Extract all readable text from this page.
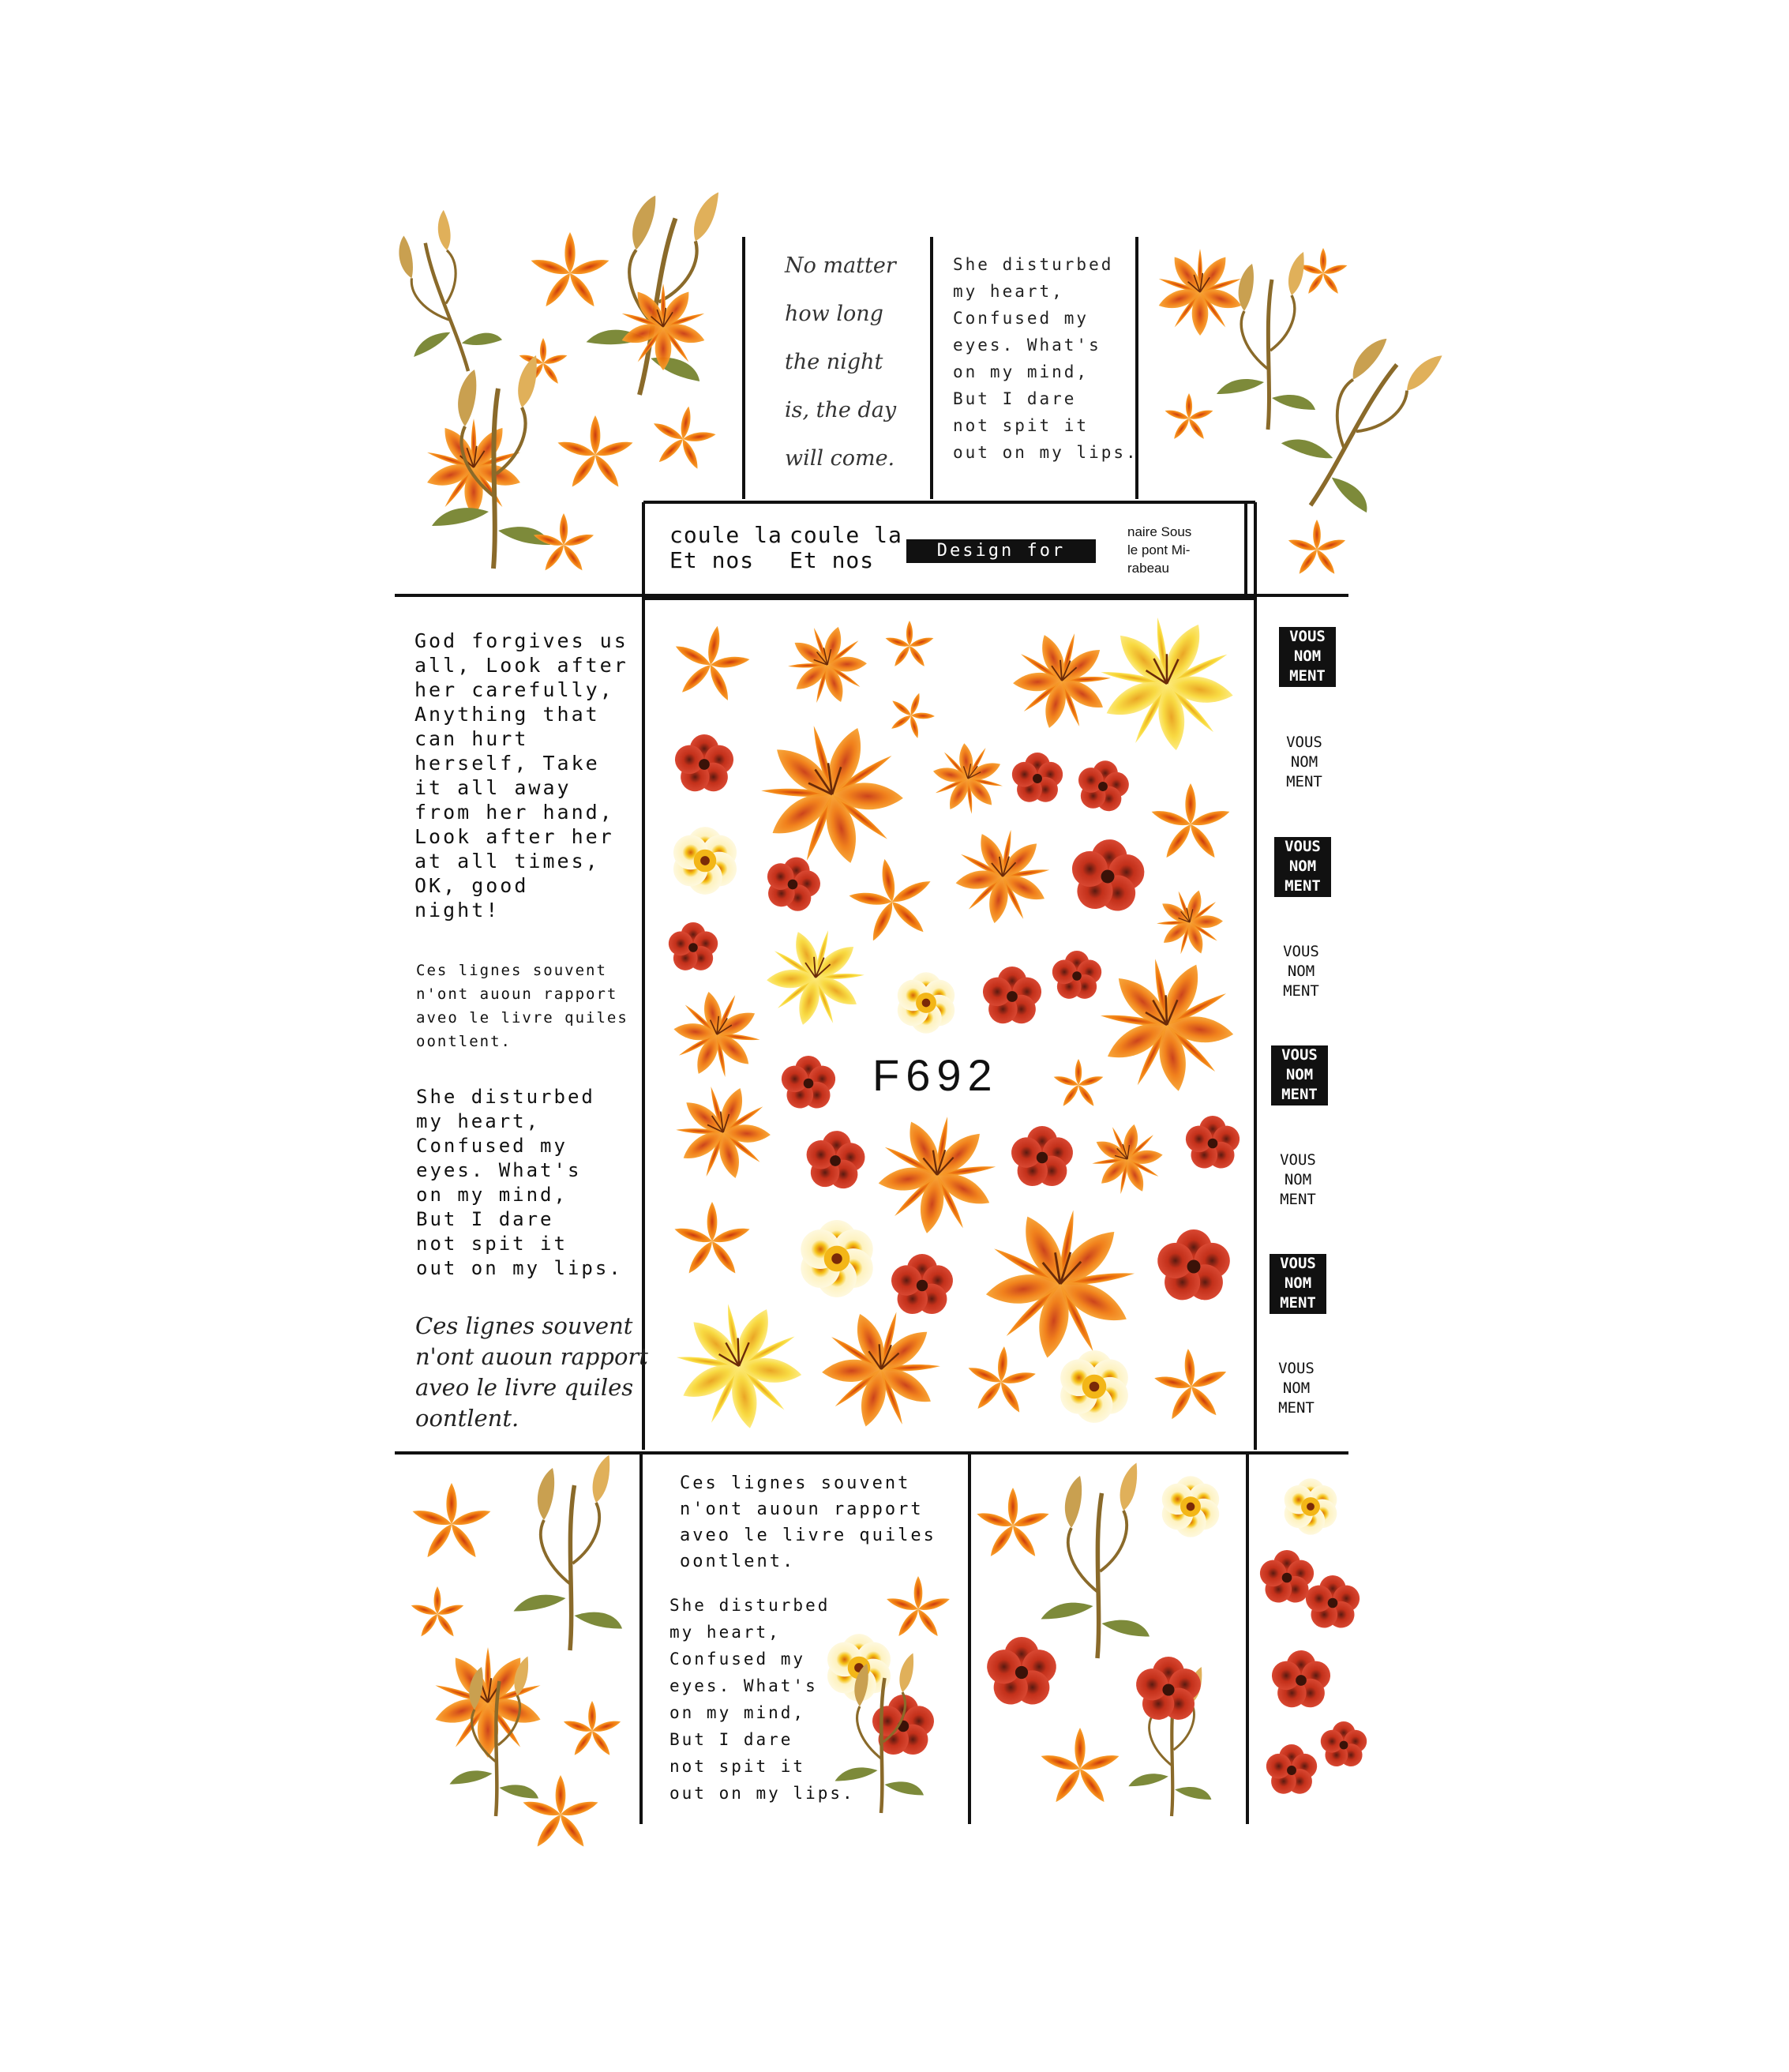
No matter
how long
the night
is, the day
will come.
She disturbed
my heart,
Confused my
eyes. What's
on my mind,
But I dare
not spit it
out on my lips.
coule la
Et nos
coule la
Et nos	Design for nail
naire Sous
le pont Mi-
rabeau
God forgives us
all, Look after
her carefully,
Anything that
can hurt
herself, Take
it all away
from her hand,
Look after her
at all times,
OK, good
night!
Ces lignes souvent
n'ont auoun rapport
aveo le livre quiles
oontlent.
She disturbed
my heart,
Confused my
eyes. What's
on my mind,
But I dare
not spit it
out on my lips.
Ces lignes souvent
n'ont auoun rapport
aveo le livre quiles
oontlent.
Ces lignes souvent
n'ont auoun rapport
aveo le livre quiles
oontlent.
She disturbed
my heart,
Confused my
eyes. What's
on my mind,
But I dare
not spit it
out on my lips.
F692
VOUS
NOM
MENT
VOUS
NOM
MENT
VOUS
NOM
MENT
VOUS
NOM
MENT
VOUS
NOM
MENT
VOUS
NOM
MENT
VOUS
NOM
MENT
VOUS
NOM
MENT
